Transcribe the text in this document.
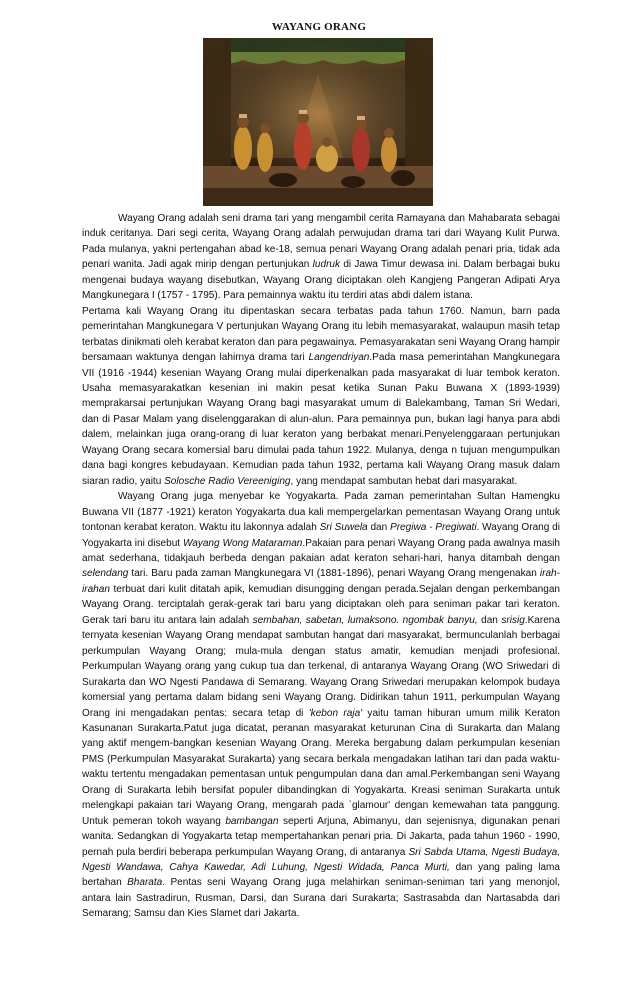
WAYANG ORANG

Wayang Orang adalah seni drama tari yang mengambil cerita Ramayana dan Mahabarata sebagai induk ceritanya. Dari segi cerita, Wayang Orang adalah perwujudan drama tari dari Wayang Kulit Purwa. Pada mulanya, yakni pertengahan abad ke-18, semua penari Wayang Orang adalah penari pria, tidak ada penari wanita. Jadi agak mirip dengan pertunjukan ludruk di Jawa Timur dewasa ini. Dalam berbagai buku mengenai budaya wayang disebutkan, Wayang Orang diciptakan oleh Kangjeng Pangeran Adipati Arya Mangkunegara I (1757 - 1795). Para pemainnya waktu itu terdiri atas abdi dalem istana.

Pertama kali Wayang Orang itu dipentaskan secara terbatas pada tahun 1760. Namun, barn pada pemerintahan Mangkunegara V pertunjukan Wayang Orang itu lebih memasyarakat, walaupun masih tetap terbatas dinikmati oleh kerabat keraton dan para pegawainya. Pemasyarakatan seni Wayang Orang hampir bersamaan waktunya dengan lahirnya drama tari Langendriyan.Pada masa pemerintahan Mangkunegara VII (1916 -1944) kesenian Wayang Orang mulai diperkenalkan pada masyarakat di luar tembok keraton. Usaha memasyarakatkan kesenian ini makin pesat ketika Sunan Paku Buwana X (1893-1939) memprakarsai pertunjukan Wayang Orang bagi masyarakat umum di Balekambang, Taman Sri Wedari, dan di Pasar Malam yang diselenggarakan di alun-alun. Para pemainnya pun, bukan lagi hanya para abdi dalem, melainkan juga orang-orang di luar keraton yang berbakat menari.Penyelenggaraan pertunjukan Wayang Orang secara komersial baru dimulai pada tahun 1922. Mulanya, denga n tujuan mengumpulkan dana bagi kongres kebudayaan. Kemudian pada tahun 1932, pertama kali Wayang Orang masuk dalam siaran radio, yaitu Solosche Radio Vereeniging, yang mendapat sambutan hebat dari masyarakat.

Wayang Orang juga menyebar ke Yogyakarta. Pada zaman pemerintahan Sultan Hamengku Buwana VII (1877 -1921) keraton Yogyakarta dua kali mempergelarkan pementasan Wayang Orang untuk tontonan kerabat keraton. Waktu itu lakonnya adalah Sri Suwela dan Pregiwa - Pregiwati. Wayang Orang di Yogyakarta ini disebut Wayang Wong Mataraman.Pakaian para penari Wayang Orang pada awalnya masih amat sederhana, tidakjauh berbeda dengan pakaian adat keraton sehari-hari, hanya ditambah dengan selendang tari. Baru pada zaman Mangkunegara VI (1881-1896), penari Wayang Orang mengenakan irah-irahan terbuat dari kulit ditatah apik, kemudian disungging dengan perada.Sejalan dengan perkembangan Wayang Orang. terciptalah gerak-gerak tari baru yang diciptakan oleh para seniman pakar tari keraton. Gerak tari baru itu antara lain adalah sembahan, sabetan, lumaksono. ngombak banyu, dan srisig.Karena ternyata kesenian Wayang Orang mendapat sambutan hangat dari masyarakat, bermunculanlah berbagai perkumpulan Wayang Orang; mula-mula dengan status amatir, kemudian menjadi profesional. Perkumpulan Wayang orang yang cukup tua dan terkenal, di antaranya Wayang Orang (WO Sriwedari di Surakarta dan WO Ngesti Pandawa di Semarang. Wayang Orang Sriwedari merupakan kelompok budaya komersial yang pertama dalam bidang seni Wayang Orang. Didirikan tahun 1911, perkumpulan Wayang Orang ini mengadakan pentas: secara tetap di 'kebon raja' yaitu taman hiburan umum milik Keraton Kasunanan Surakarta.Patut juga dicatat, peranan masyarakat keturunan Cina di Surakarta dan Malang yang aktif mengem-bangkan kesenian Wayang Orang. Mereka bergabung dalam perkumpulan kesenian PMS (Perkumpulan Masyarakat Surakarta) yang secara berkala mengadakan latihan tari dan pada waktu-waktu tertentu mengadakan pementasan untuk pengumpulan dana dan amal.Perkembangan seni Wayang Orang di Surakarta lebih bersifat populer dibandingkan di Yogyakarta. Kreasi seniman Surakarta untuk melengkapi pakaian tari Wayang Orang, mengarah pada `glamour' dengan kemewahan tata panggung. Untuk pemeran tokoh wayang bambangan seperti Arjuna, Abimanyu, dan sejenisnya, digunakan penari wanita. Sedangkan di Yogyakarta tetap mempertahankan penari pria. Di Jakarta, pada tahun 1960 - 1990, pernah pula berdiri beberapa perkumpulan Wayang Orang, di antaranya Sri Sabda Utama, Ngesti Budaya, Ngesti Wandawa, Cahya Kawedar, Adi Luhung, Ngesti Widada, Panca Murti, dan yang paling lama bertahan Bharata. Pentas seni Wayang Orang juga melahirkan seniman-seniman tari yang menonjol, antara lain Sastradirun, Rusman, Darsi, dan Surana dari Surakarta; Sastrasabda dan Nartasabda dari Semarang; Samsu dan Kies Slamet dari Jakarta.
